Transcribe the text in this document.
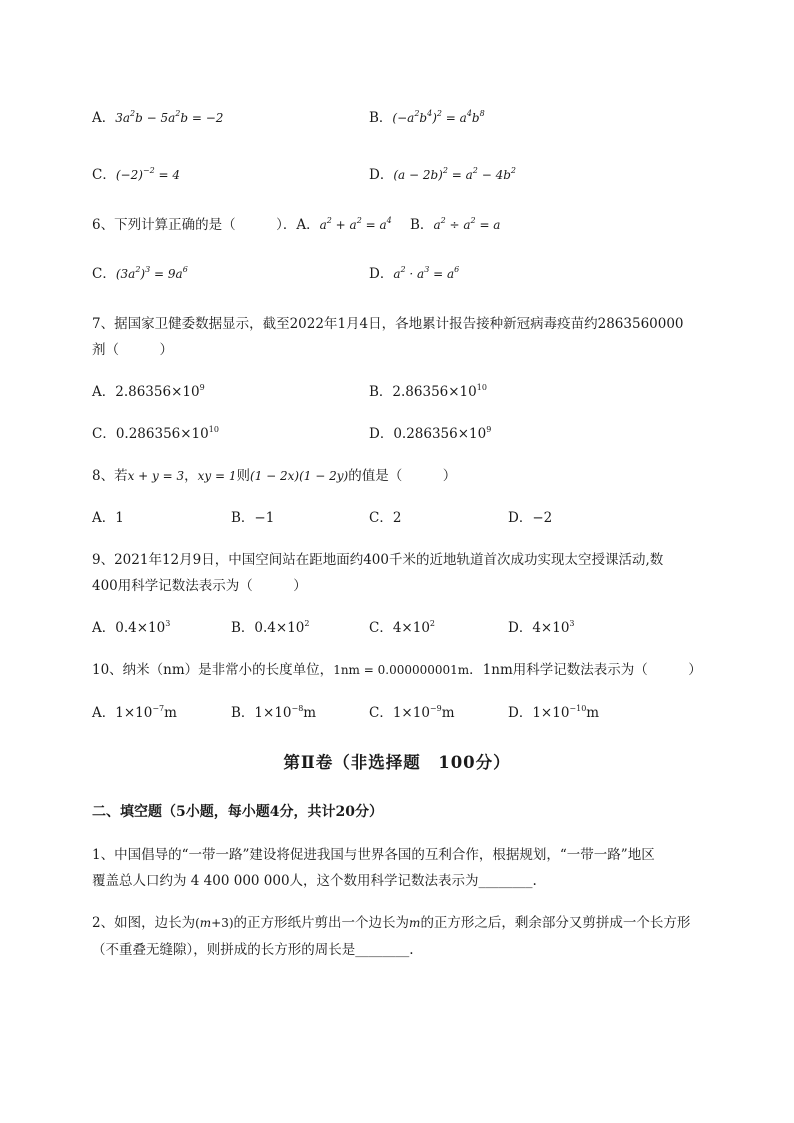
A．$3a^2b - 5a^2b = -2$	B．$(-a^2b^4)^2 = a^4b^8$
C．$(-2)^{-2} = 4$	D．$(a - 2b)^2 = a^2 - 4b^2$
6、下列计算正确的是（　　　）．A．$a^2 + a^2 = a^4$ B．$a^2 \div a^2 = a$
C．$(3a^2)^3 = 9a^6$	D．$a^2 \cdot a^3 = a^6$
7、据国家卫健委数据显示，截至2022年1月4日，各地累计报告接种新冠病毒疫苗约2863560000
剂（　　　）
A．$2.86356\times 10^9$	B．$2.86356\times 10^{10}$
C．$0.286356\times 10^{10}$	D．$0.286356\times 10^9$
8、若x + y = 3，xy = 1则(1 − 2x)(1 − 2y)的值是（　　　）
A．1	B．−1	C．2	D．−2
9、2021年12月9日，中国空间站在距地面约400千米的近地轨道首次成功实现太空授课活动,数
400用科学记数法表示为（　　　）
A．$0.4\times 10^3$	B．$0.4\times 10^2$	C．$4\times 10^2$	D．$4\times 10^3$
10、纳米（nm）是非常小的长度单位，1nm = 0.000000001m．1nm用科学记数法表示为（　　　）
A．$1\times 10^{-7}m$	B．$1\times 10^{-8}m$	C．$1\times 10^{-9}m$	D．$1\times 10^{-10}m$
第Ⅱ卷（非选择题　100分）
二、填空题（5小题，每小题4分，共计20分）
1、中国倡导的“一带一路”建设将促进我国与世界各国的互利合作，根据规划，“一带一路”地区
覆盖总人口约为 4 400 000 000人，这个数用科学记数法表示为________.
2、如图，边长为(m+3)的正方形纸片剪出一个边长为m的正方形之后，剩余部分又剪拼成一个长方形
（不重叠无缝隙），则拼成的长方形的周长是________.
